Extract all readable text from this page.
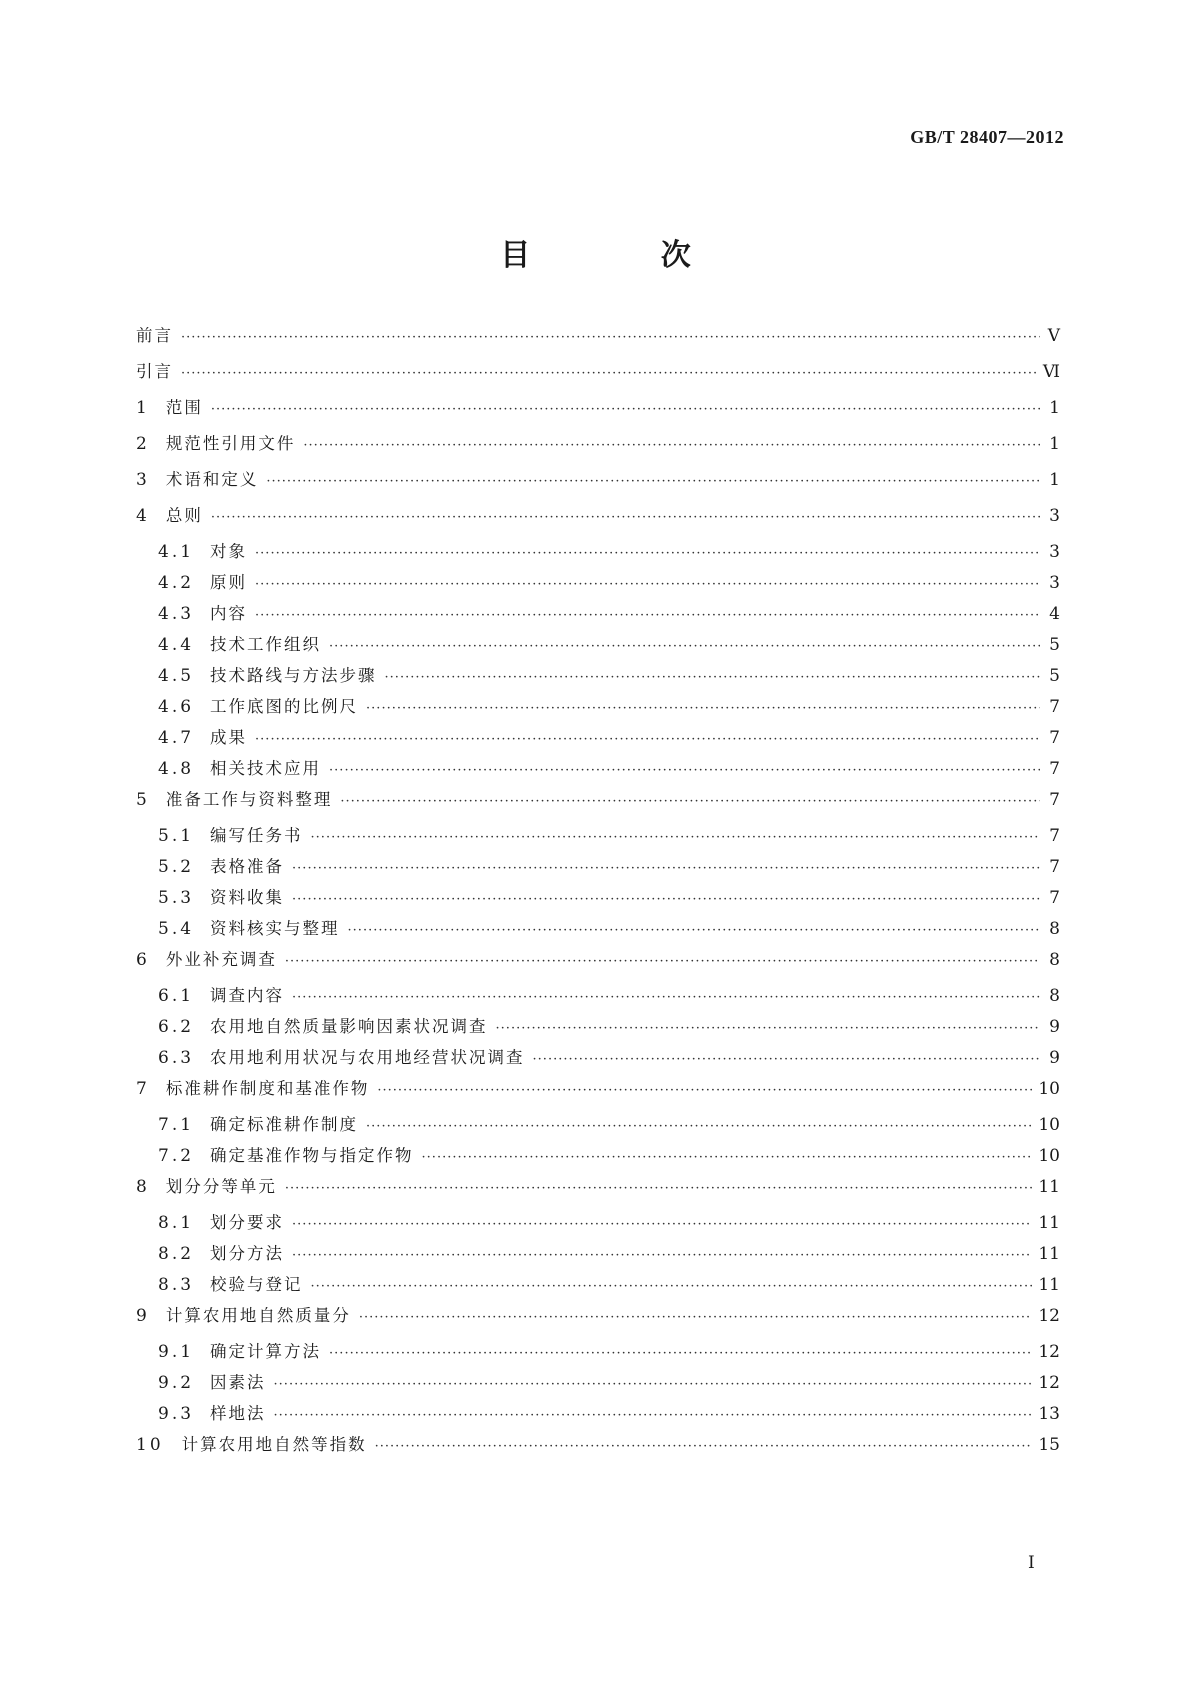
GB/T 28407—2012
目 次
前言 ·····	Ⅴ
引言 ·····	Ⅵ
1 范围 ·····	1
2 规范性引用文件 ·····	1
3 术语和定义 ·····	1
4 总则 ·····	3
4.1 对象 ·····	3
4.2 原则 ·····	3
4.3 内容 ·····	4
4.4 技术工作组织 ·····	5
4.5 技术路线与方法步骤 ·····	5
4.6 工作底图的比例尺 ·····	7
4.7 成果 ·····	7
4.8 相关技术应用 ·····	7
5 准备工作与资料整理 ·····	7
5.1 编写任务书 ·····	7
5.2 表格准备 ·····	7
5.3 资料收集 ·····	7
5.4 资料核实与整理 ·····	8
6 外业补充调查 ·····	8
6.1 调查内容 ·····	8
6.2 农用地自然质量影响因素状况调查 ·····	9
6.3 农用地利用状况与农用地经营状况调查 ·····	9
7 标准耕作制度和基准作物 ·····	10
7.1 确定标准耕作制度 ·····	10
7.2 确定基准作物与指定作物 ·····	10
8 划分分等单元 ·····	11
8.1 划分要求 ·····	11
8.2 划分方法 ·····	11
8.3 校验与登记 ·····	11
9 计算农用地自然质量分 ·····	12
9.1 确定计算方法 ·····	12
9.2 因素法 ·····	12
9.3 样地法 ·····	13
10 计算农用地自然等指数 ·····	15
Ⅰ
